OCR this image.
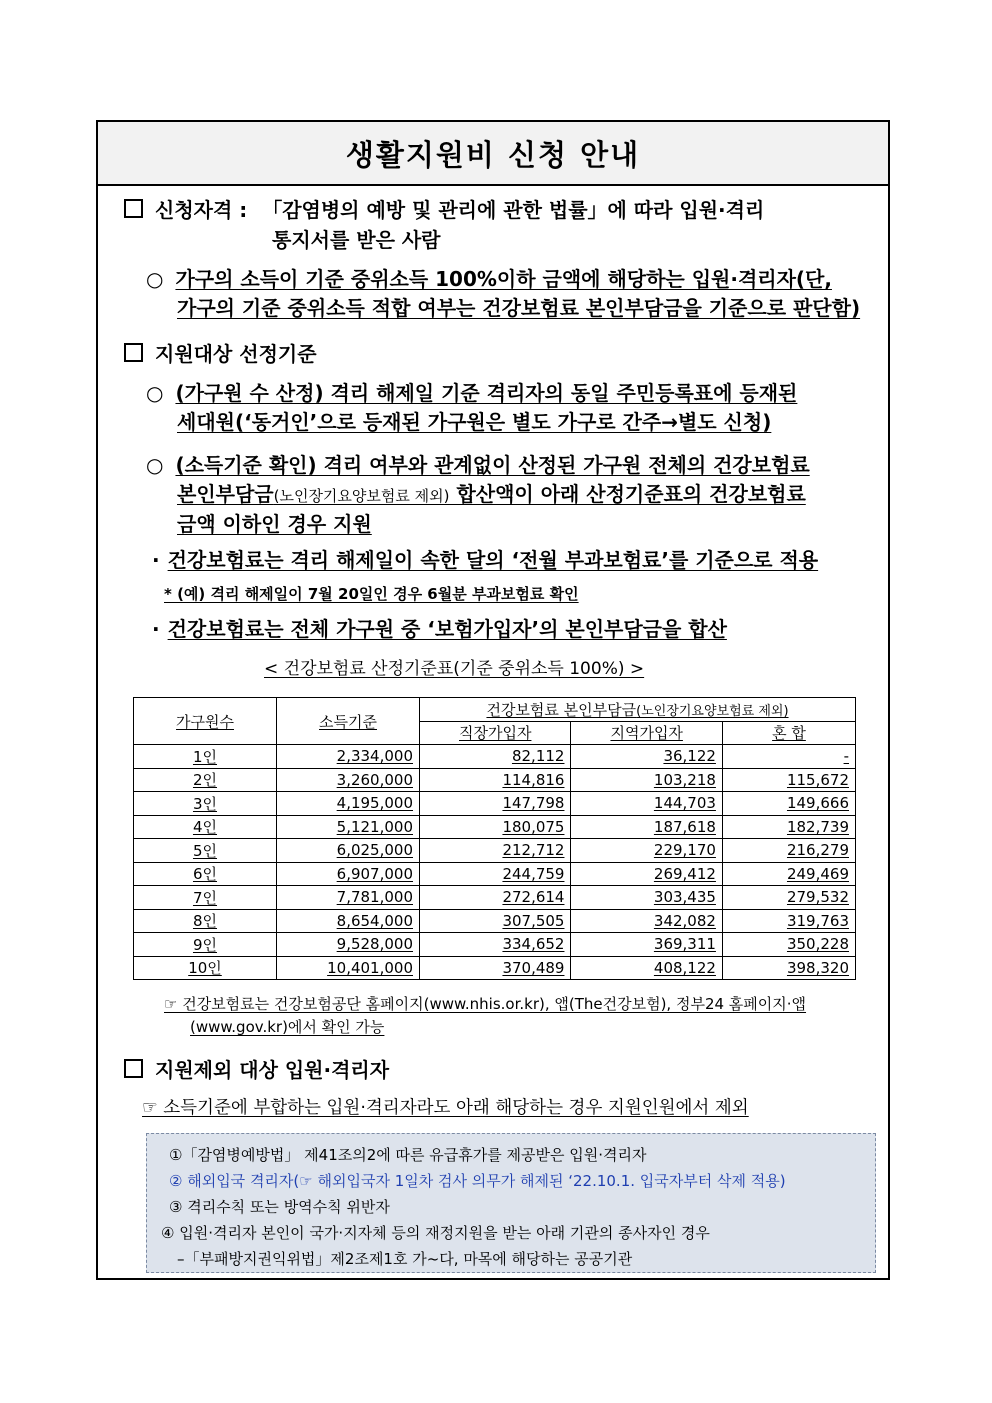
생활지원비 신청 안내
신청자격 : 「감염병의 예방 및 관리에 관한 법률」에 따라 입원·격리
통지서를 받은 사람
○ 가구의 소득이 기준 중위소득 100%이하 금액에 해당하는 입원·격리자(단,
가구의 기준 중위소득 적합 여부는 건강보험료 본인부담금을 기준으로 판단함)
지원대상 선정기준
○ (가구원 수 산정) 격리 해제일 기준 격리자의 동일 주민등록표에 등재된
세대원(‘동거인’으로 등재된 가구원은 별도 가구로 간주→별도 신청)
○ (소득기준 확인) 격리 여부와 관계없이 산정된 가구원 전체의 건강보험료
본인부담금(노인장기요양보험료 제외) 합산액이 아래 산정기준표의 건강보험료
금액 이하인 경우 지원
· 건강보험료는 격리 해제일이 속한 달의 ‘전월 부과보험료’를 기준으로 적용
* (예) 격리 해제일이 7월 20일인 경우 6월분 부과보험료 확인
· 건강보험료는 전체 가구원 중 ‘보험가입자’의 본인부담금을 합산
< 건강보험료 산정기준표(기준 중위소득 100%) >
가구원수	소득기준	건강보험료 본인부담금(노인장기요양보험료 제외)		
		직장가입자	지역가입자	혼 합
1인	2,334,000	82,112	36,122	-
2인	3,260,000	114,816	103,218	115,672
3인	4,195,000	147,798	144,703	149,666
4인	5,121,000	180,075	187,618	182,739
5인	6,025,000	212,712	229,170	216,279
6인	6,907,000	244,759	269,412	249,469
7인	7,781,000	272,614	303,435	279,532
8인	8,654,000	307,505	342,082	319,763
9인	9,528,000	334,652	369,311	350,228
10인	10,401,000	370,489	408,122	398,320
☞ 건강보험료는 건강보험공단 홈페이지(www.nhis.or.kr), 앱(The건강보험), 정부24 홈페이지·앱
(www.gov.kr)에서 확인 가능
지원제외 대상 입원·격리자
☞ 소득기준에 부합하는 입원·격리자라도 아래 해당하는 경우 지원인원에서 제외
①「감염병예방법」 제41조의2에 따른 유급휴가를 제공받은 입원·격리자
② 해외입국 격리자(☞ 해외입국자 1일차 검사 의무가 해제된 ‘22.10.1. 입국자부터 삭제 적용)
③ 격리수칙 또는 방역수칙 위반자
④ 입원·격리자 본인이 국가·지자체 등의 재정지원을 받는 아래 기관의 종사자인 경우
–「부패방지권익위법」제2조제1호 가~다, 마목에 해당하는 공공기관
